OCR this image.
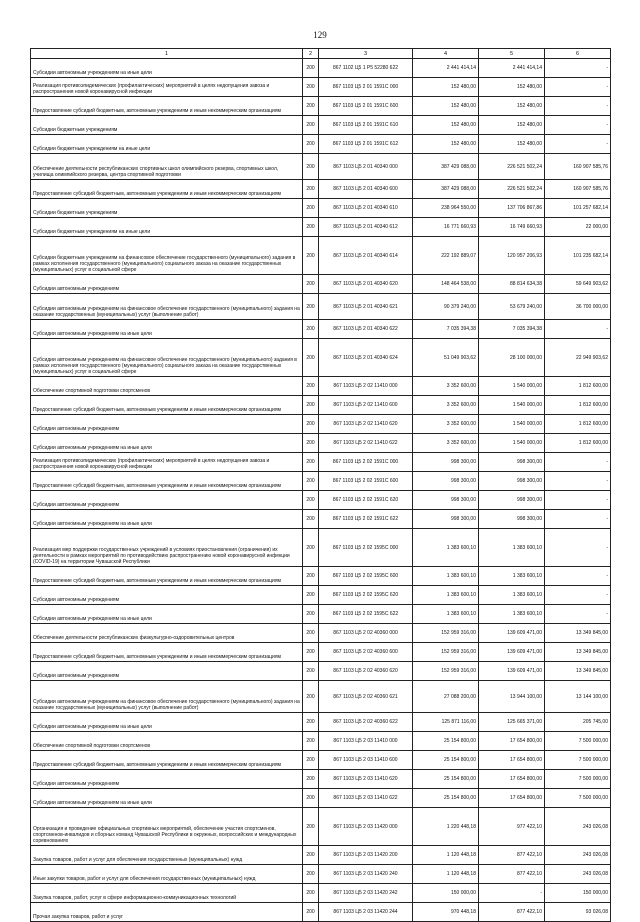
129
1	2	3	4	5	6
Субсидии автономным учреждениям на иные цели	200	867 1102 Ц5 1 P5 52280 622	2 441 414,14	2 441 414,14	-
Реализация противоэпидемических (профилактических) мероприятий в целях недопущения завоза и распространения новой коронавирусной инфекции	200	867 1103 Ц5 2 01 1591С 000	152 480,00	152 480,00	-
Предоставление субсидий бюджетным, автономным учреждениям и иным некоммерческим организациям	200	867 1103 Ц5 2 01 1591С 600	152 480,00	152 480,00	-
Субсидии бюджетным учреждениям	200	867 1103 Ц5 2 01 1591С 610	152 480,00	152 480,00	-
Субсидии бюджетным учреждениям на иные цели	200	867 1103 Ц5 2 01 1591С 612	152 480,00	152 480,00	-
Обеспечение деятельности республиканских спортивных школ олимпийского резерва, спортивных школ, училища олимпийского резерва, центра спортивной подготовки	200	867 1103 Ц5 2 01 40340 000	387 429 088,00	226 521 502,24	160 907 585,76
Предоставление субсидий бюджетным, автономным учреждениям и иным некоммерческим организациям	200	867 1103 Ц5 2 01 40340 600	387 429 088,00	226 521 502,24	160 907 585,76
Субсидии бюджетным учреждениям	200	867 1103 Ц5 2 01 40340 610	238 964 550,00	137 706 867,86	101 257 682,14
Субсидии бюджетным учреждениям на иные цели	200	867 1103 Ц5 2 01 40340 612	16 771 660,93	16 749 660,93	22 000,00
Субсидии бюджетным учреждениям на финансовое обеспечение государственного (муниципального) задания в рамках исполнения государственного (муниципального) социального заказа на оказание государственных (муниципальных) услуг в социальной сфере	200	867 1103 Ц5 2 01 40340 614	222 192 889,07	120 957 206,93	101 235 682,14
Субсидии автономным учреждениям	200	867 1103 Ц5 2 01 40340 620	148 464 538,00	88 814 634,38	59 649 903,62
Субсидии автономным учреждениям на финансовое обеспечение государственного (муниципального) задания на оказание государственных (муниципальных) услуг (выполнение работ)	200	867 1103 Ц5 2 01 40340 621	90 379 240,00	53 679 240,00	36 700 000,00
Субсидии автономным учреждениям на иные цели	200	867 1103 Ц5 2 01 40340 622	7 035 394,38	7 035 394,38	-
Субсидии автономным учреждениям на финансовое обеспечение государственного (муниципального) задания в рамках исполнения государственного (муниципального) социального заказа на оказание государственных (муниципальных) услуг в социальной сфере	200	867 1103 Ц5 2 01 40340 624	51 049 903,62	28 100 000,00	22 949 903,62
Обеспечение спортивной подготовки спортсменов	200	867 1103 Ц5 2 02 11410 000	3 352 600,00	1 540 000,00	1 812 600,00
Предоставление субсидий бюджетным, автономным учреждениям и иным некоммерческим организациям	200	867 1103 Ц5 2 02 11410 600	3 352 600,00	1 540 000,00	1 812 600,00
Субсидии автономным учреждениям	200	867 1103 Ц5 2 02 11410 620	3 352 600,00	1 540 000,00	1 812 600,00
Субсидии автономным учреждениям на иные цели	200	867 1103 Ц5 2 02 11410 622	3 352 600,00	1 540 000,00	1 812 600,00
Реализация противоэпидемических (профилактических) мероприятий в целях недопущения завоза и распространения новой коронавирусной инфекции	200	867 1103 Ц5 2 02 1591С 000	998 300,00	998 300,00	-
Предоставление субсидий бюджетным, автономным учреждениям и иным некоммерческим организациям	200	867 1103 Ц5 2 02 1591С 600	998 300,00	998 300,00	-
Субсидии автономным учреждениям	200	867 1103 Ц5 2 02 1591С 620	998 300,00	998 300,00	-
Субсидии автономным учреждениям на иные цели	200	867 1103 Ц5 2 02 1591С 622	998 300,00	998 300,00	-
Реализация мер поддержки государственных учреждений в условиях приостановления (ограничения) их деятельности в рамках мероприятий по противодействию распространению новой коронавирусной инфекции (COVID-19) на территории Чувашской Республики	200	867 1103 Ц5 2 02 1595С 000	1 383 600,10	1 383 600,10	-
Предоставление субсидий бюджетным, автономным учреждениям и иным некоммерческим организациям	200	867 1103 Ц5 2 02 1595С 600	1 383 600,10	1 383 600,10	-
Субсидии автономным учреждениям	200	867 1103 Ц5 2 02 1595С 620	1 383 600,10	1 383 600,10	-
Субсидии автономным учреждениям на иные цели	200	867 1103 Ц5 2 02 1595С 622	1 383 600,10	1 383 600,10	-
Обеспечение деятельности республиканских физкультурно-оздоровительных центров	200	867 1103 Ц5 2 02 40360 000	152 959 316,00	139 609 471,00	13 349 845,00
Предоставление субсидий бюджетным, автономным учреждениям и иным некоммерческим организациям	200	867 1103 Ц5 2 02 40360 600	152 959 316,00	139 609 471,00	13 349 845,00
Субсидии автономным учреждениям	200	867 1103 Ц5 2 02 40360 620	152 959 316,00	139 609 471,00	13 349 845,00
Субсидии автономным учреждениям на финансовое обеспечение государственного (муниципального) задания на оказание государственных (муниципальных) услуг (выполнение работ)	200	867 1103 Ц5 2 02 40360 621	27 088 200,00	13 944 100,00	13 144 100,00
Субсидии автономным учреждениям на иные цели	200	867 1103 Ц5 2 02 40360 622	125 871 116,00	125 665 371,00	205 745,00
Обеспечение спортивной подготовки спортсменов	200	867 1103 Ц5 2 03 11410 000	25 154 800,00	17 654 800,00	7 500 000,00
Предоставление субсидий бюджетным, автономным учреждениям и иным некоммерческим организациям	200	867 1103 Ц5 2 03 11410 600	25 154 800,00	17 654 800,00	7 500 000,00
Субсидии автономным учреждениям	200	867 1103 Ц5 2 03 11410 620	25 154 800,00	17 654 800,00	7 500 000,00
Субсидии автономным учреждениям на иные цели	200	867 1103 Ц5 2 03 11410 622	25 154 800,00	17 654 800,00	7 500 000,00
Организация и проведение официальных спортивных мероприятий, обеспечение участия спортсменов, спортсменов-инвалидов и сборных команд Чувашской Республики в окружных, всероссийских и международных соревнованиях	200	867 1103 Ц5 2 03 11420 000	1 220 448,18	977 422,10	243 026,08
Закупка товаров, работ и услуг для обеспечения государственных (муниципальных) нужд	200	867 1103 Ц5 2 03 11420 200	1 120 448,18	877 422,10	243 026,08
Иные закупки товаров, работ и услуг для обеспечения государственных (муниципальных) нужд	200	867 1103 Ц5 2 03 11420 240	1 120 448,18	877 422,10	243 026,08
Закупка товаров, работ, услуг в сфере информационно-коммуникационных технологий	200	867 1103 Ц5 2 03 11420 242	150 000,00	-	150 000,00
Прочая закупка товаров, работ и услуг	200	867 1103 Ц5 2 03 11420 244	970 448,18	877 422,10	93 026,08
